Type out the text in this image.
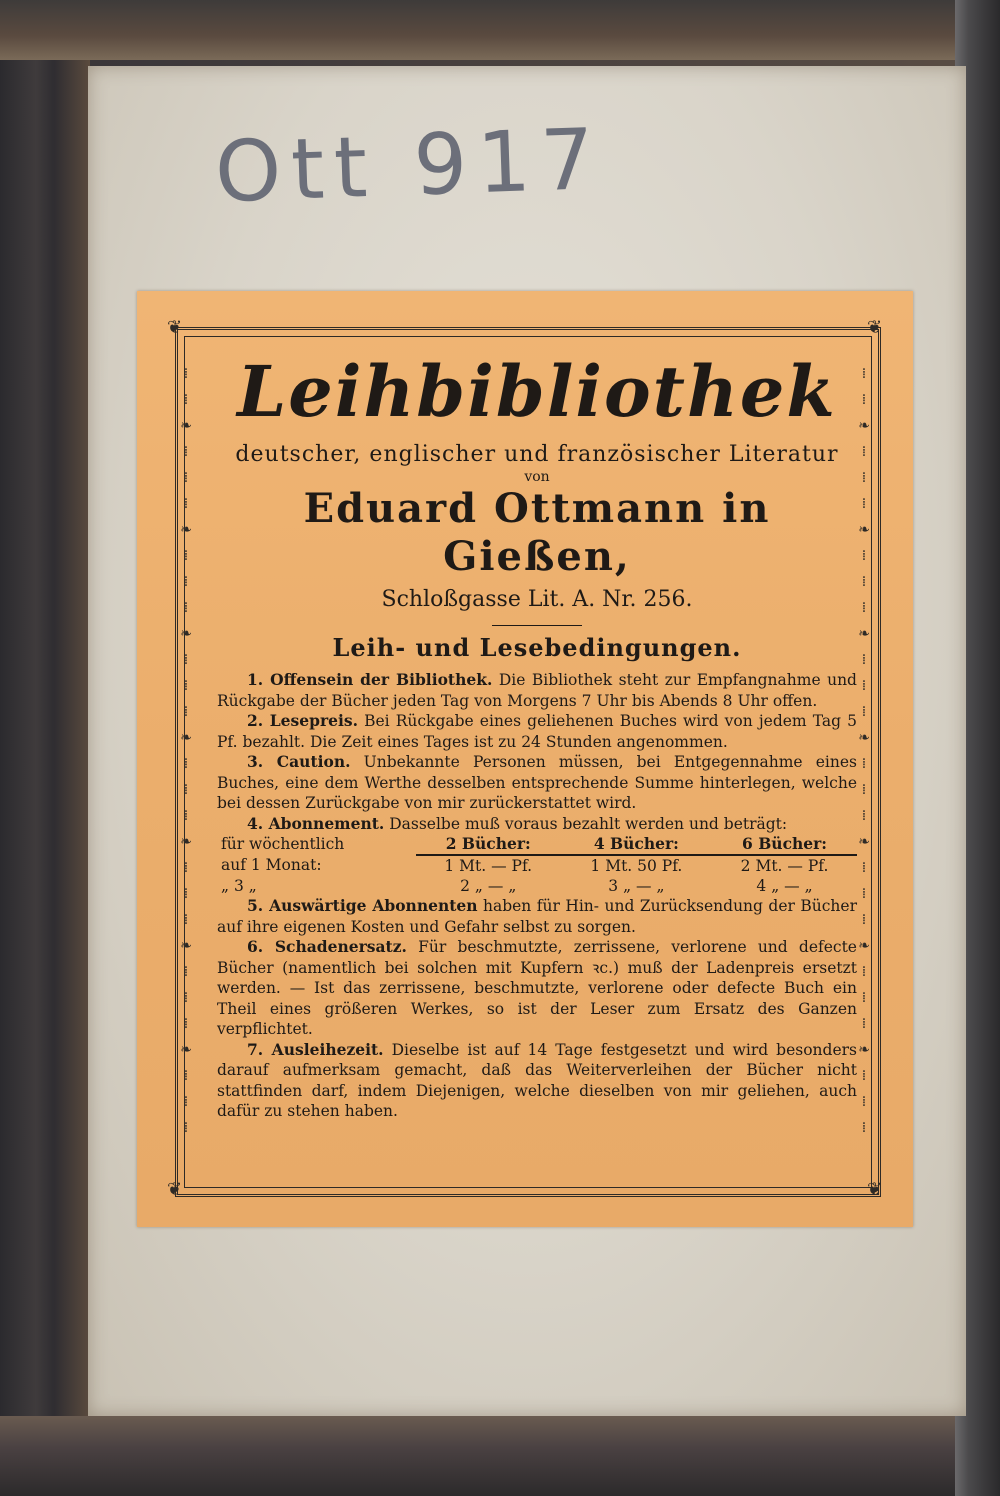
Ott 917
❦	❦
❦	❦
⁞
⁞
❧
⁞
⁞
⁞
❧
⁞
⁞
⁞
❧
⁞
⁞
⁞
❧
⁞
⁞
⁞
❧
⁞
⁞
⁞
❧
⁞
⁞
⁞
❧
⁞
⁞
⁞
⁞
⁞
❧
⁞
⁞
⁞
❧
⁞
⁞
⁞
❧
⁞
⁞
⁞
❧
⁞
⁞
⁞
❧
⁞
⁞
⁞
❧
⁞
⁞
⁞
❧
⁞
⁞
⁞
Leihbibliothek
deutscher, englischer und französischer Literatur
von
Eduard Ottmann in Gießen,
Schloßgasse Lit. A. Nr. 256.
Leih- und Lesebedingungen.

1. Offensein der Bibliothek. Die Bibliothek steht zur Empfangnahme und Rückgabe der Bücher jeden Tag von Morgens 7 Uhr bis Abends 8 Uhr offen.

2. Lesepreis. Bei Rückgabe eines geliehenen Buches wird von jedem Tag 5 Pf. bezahlt. Die Zeit eines Tages ist zu 24 Stunden angenommen.

3. Caution. Unbekannte Personen müssen, bei Entgegennahme eines Buches, eine dem Werthe desselben entsprechende Summe hinterlegen, welche bei dessen Zurückgabe von mir zurückerstattet wird.

4. Abonnement. Dasselbe muß voraus bezahlt werden und beträgt:

für wöchentlich	2 Bücher:	4 Bücher:	6 Bücher:
auf 1 Monat:	1 Mt. — Pf.	1 Mt. 50 Pf.	2 Mt. — Pf.
„ 3 „	2 „ — „	3 „ — „	4 „ — „

5. Auswärtige Abonnenten haben für Hin- und Zurücksendung der Bücher auf ihre eigenen Kosten und Gefahr selbst zu sorgen.

6. Schadenersatz. Für beschmutzte, zerrissene, verlorene und defecte Bücher (namentlich bei solchen mit Kupfern ꝛc.) muß der Ladenpreis ersetzt werden. — Ist das zerrissene, beschmutzte, verlorene oder defecte Buch ein Theil eines größeren Werkes, so ist der Leser zum Ersatz des Ganzen verpflichtet.

7. Ausleihezeit. Dieselbe ist auf 14 Tage festgesetzt und wird besonders darauf aufmerksam gemacht, daß das Weiterverleihen der Bücher nicht stattfinden darf, indem Diejenigen, welche dieselben von mir geliehen, auch dafür zu stehen haben.
